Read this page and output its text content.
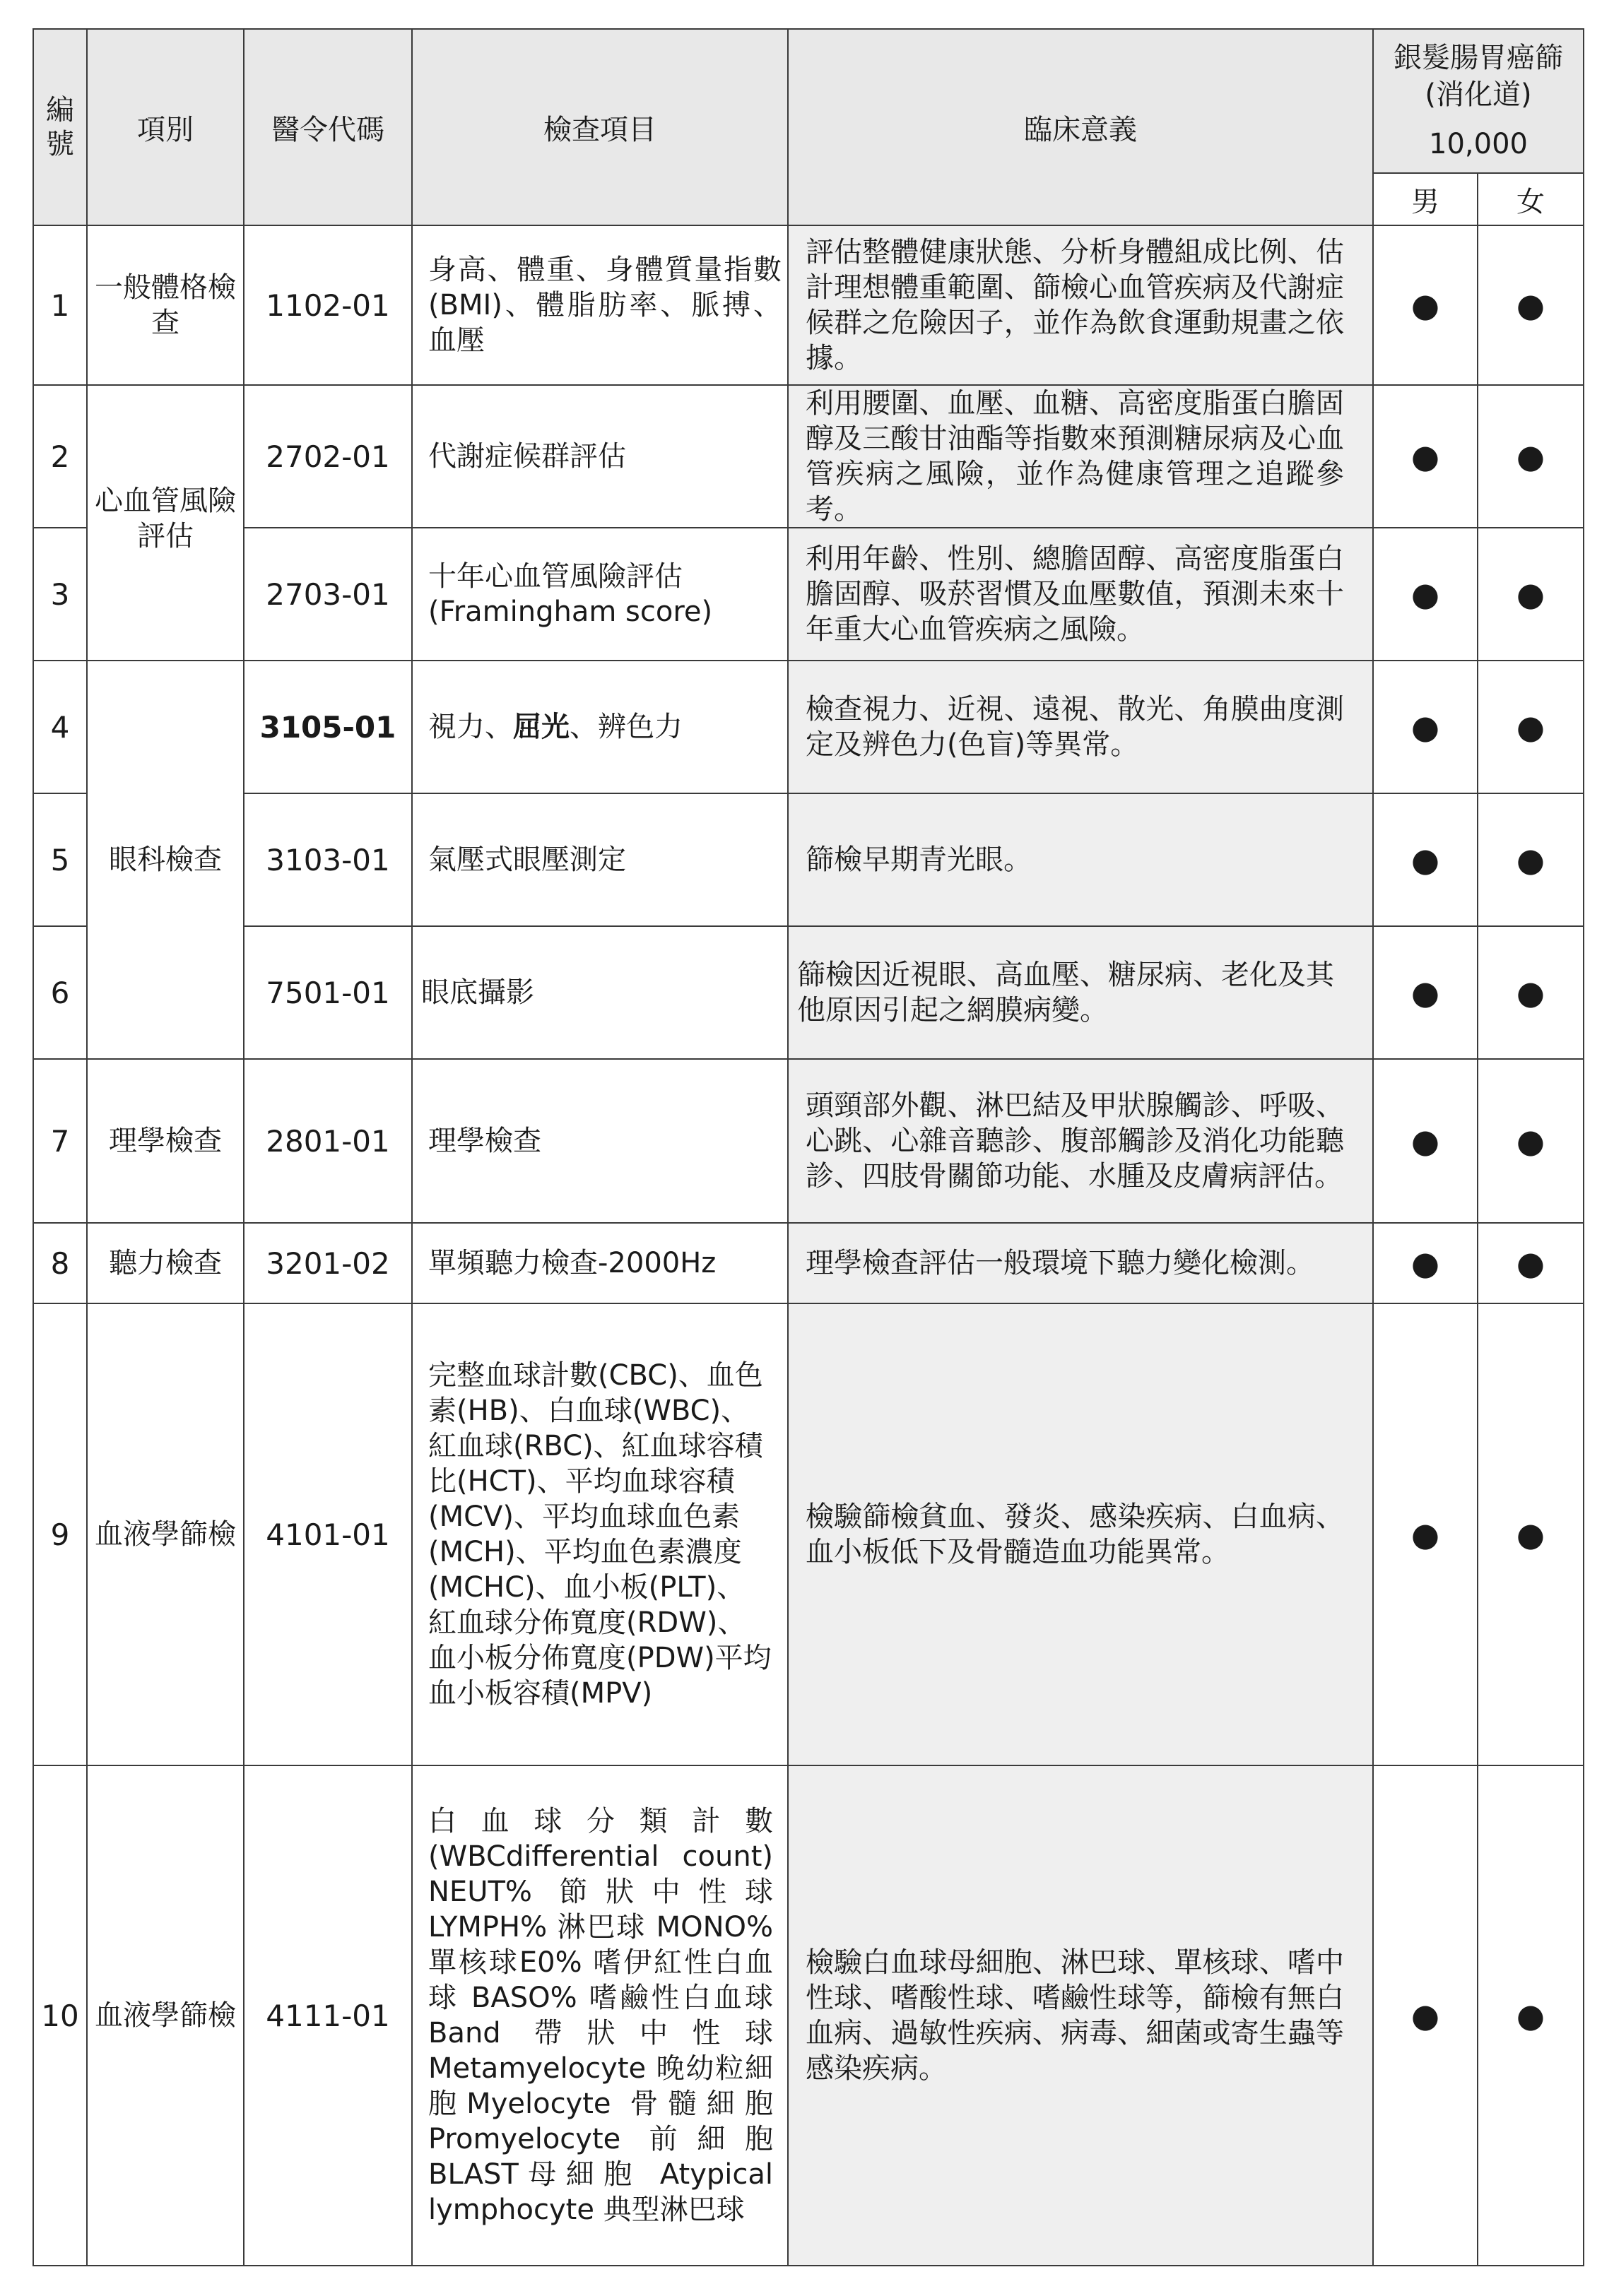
編號	項別	醫令代碼	檢查項目	臨床意義	銀髮腸胃癌篩
(消化道)
10,000	

					男	女
1	一般體格檢查	1102-01	身高、體重、身體質量指數(BMI)、體脂肪率、脈搏、血壓	評估整體健康狀態、分析身體組成比例、估計理想體重範圍、篩檢心血管疾病及代謝症候群之危險因子，並作為飲食運動規畫之依據。	●	●
2	心血管風險評估	2702-01	代謝症候群評估	利用腰圍、血壓、血糖、高密度脂蛋白膽固醇及三酸甘油酯等指數來預測糖尿病及心血管疾病之風險，並作為健康管理之追蹤參 考。	●	●
3		2703-01	十年心血管風險評估(Framingham score)	利用年齡、性別、總膽固醇、高密度脂蛋白膽固醇、吸菸習慣及血壓數值，預測未來十年重大心血管疾病之風險。	●	●
4	眼科檢查	3105-01	視力、屈光、辨色力	檢查視力、近視、遠視、散光、角膜曲度測定及辨色力(色盲)等異常。	●	●
5		3103-01	氣壓式眼壓測定	篩檢早期青光眼。	●	●
6		7501-01	眼底攝影	篩檢因近視眼、高血壓、糖尿病、老化及其他原因引起之網膜病變。	●	●
7	理學檢查	2801-01	理學檢查	頭頸部外觀、淋巴結及甲狀腺觸診、呼吸、心跳、心雜音聽診、腹部觸診及消化功能聽診、四肢骨關節功能、水腫及皮膚病評估。	●	●
8	聽力檢查	3201-02	單頻聽力檢查-2000Hz	理學檢查評估一般環境下聽力變化檢測。	●	●
9	血液學篩檢	4101-01	完整血球計數(CBC)、血色素(HB)、白血球(WBC)、紅血球(RBC)、紅血球容積比(HCT)、平均血球容積(MCV)、平均血球血色素(MCH)、平均血色素濃度(MCHC)、血小板(PLT)、紅血球分佈寬度(RDW)、血小板分佈寬度(PDW)平均血小板容積(MPV)	檢驗篩檢貧血、發炎、感染疾病、白血病、血小板低下及骨髓造血功能異常。	●	●
10	血液學篩檢	4111-01	白血球分類計數(WBCdifferential count) NEUT% 節狀中性球 LYMPH% 淋巴球 MONO% 單核球E0% 嗜伊紅性白血球 BASO% 嗜鹼性白血球 Band 帶狀中性球 Metamyelocyte 晚幼粒細胞Myelocyte 骨髓細胞 Promyelocyte 前細胞 BLAST母細胞 Atypical lymphocyte 典型淋巴球	檢驗白血球母細胞、淋巴球、單核球、嗜中性球、嗜酸性球、嗜鹼性球等，篩檢有無白血病、過敏性疾病、病毒、細菌或寄生蟲等感染疾病。	●	●
